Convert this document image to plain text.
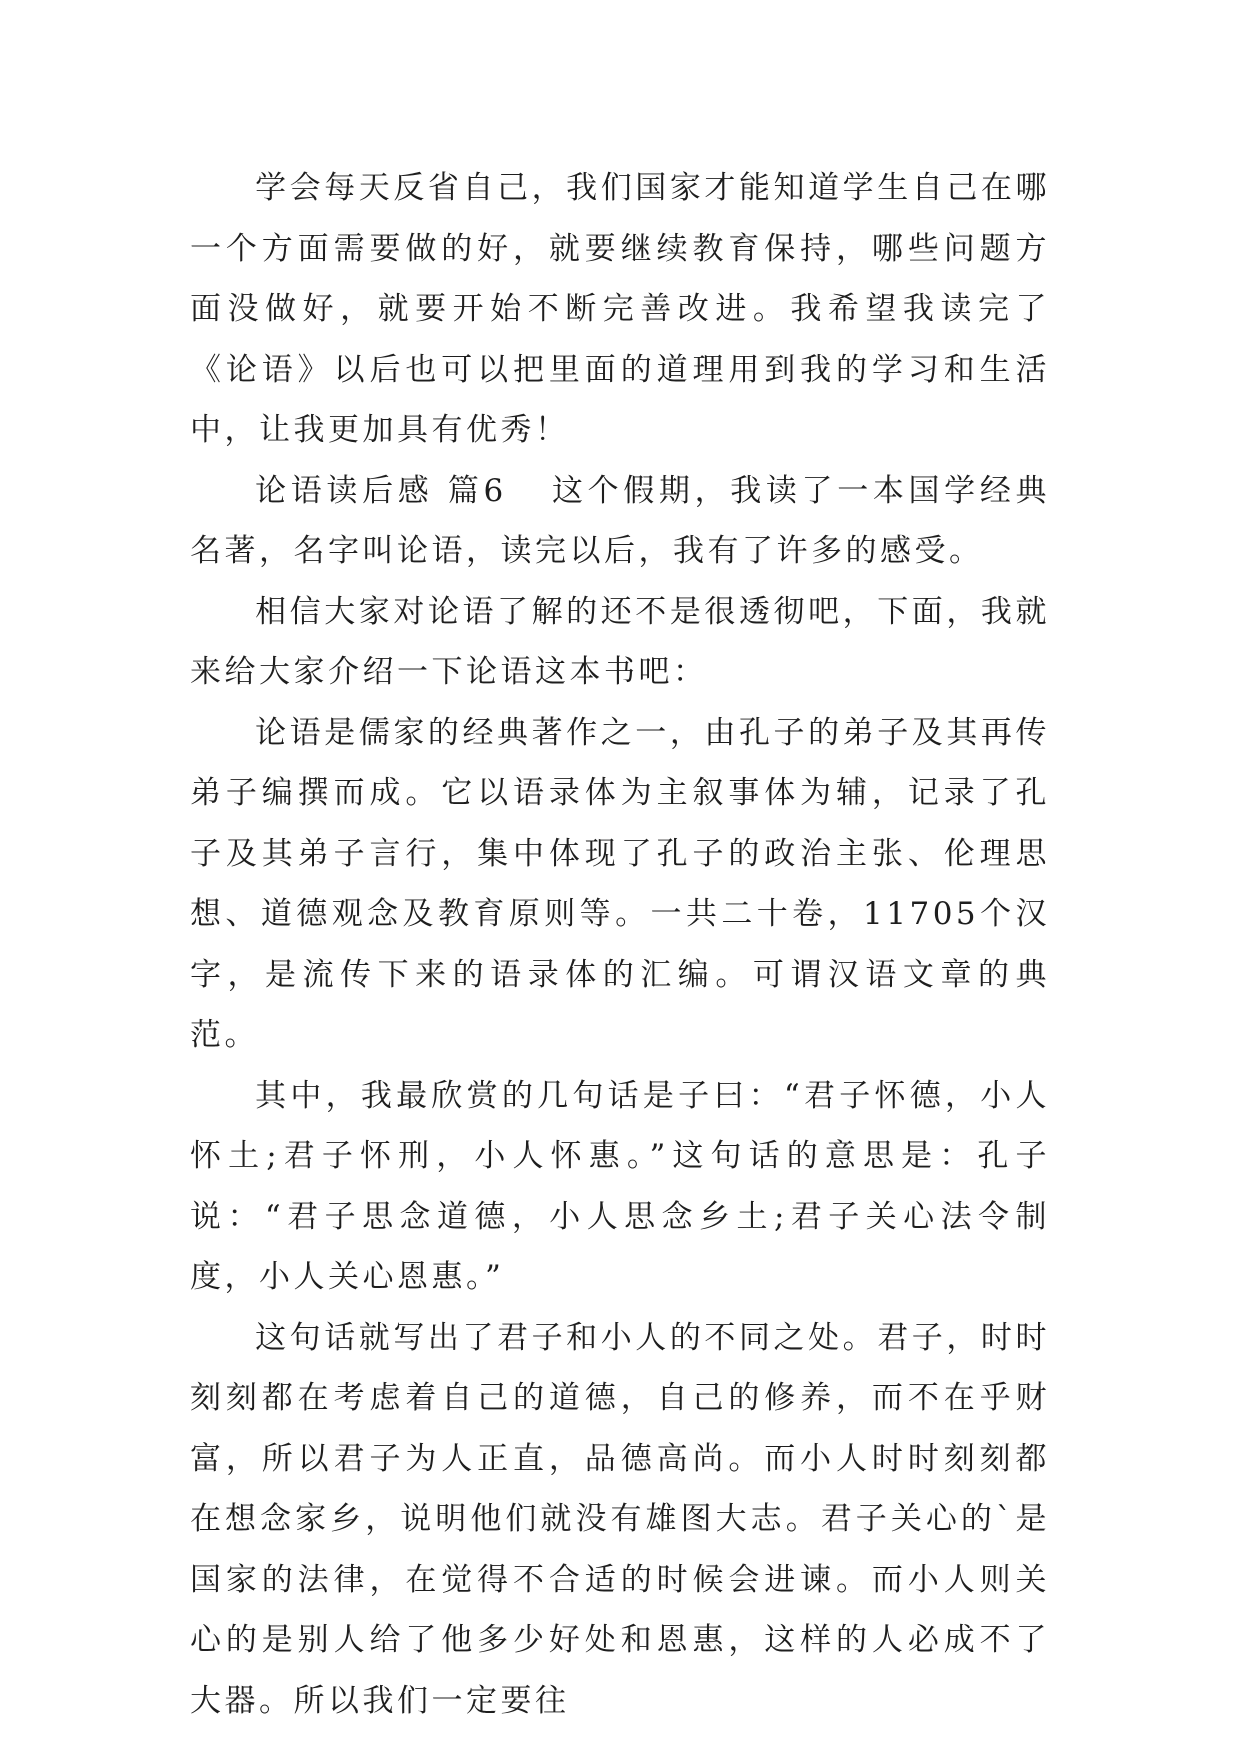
学会每天反省自己，我们国家才能知道学生自己在哪一个方面需要做的好，就要继续教育保持，哪些问题方面没做好，就要开始不断完善改进。我希望我读完了《论语》以后也可以把里面的道理用到我的学习和生活中，让我更加具有优秀！

论语读后感 篇6 这个假期，我读了一本国学经典名著，名字叫论语，读完以后，我有了许多的感受。

相信大家对论语了解的还不是很透彻吧，下面，我就来给大家介绍一下论语这本书吧：

论语是儒家的经典著作之一，由孔子的弟子及其再传弟子编撰而成。它以语录体为主叙事体为辅，记录了孔子及其弟子言行，集中体现了孔子的政治主张、伦理思想、道德观念及教育原则等。一共二十卷，11705个汉字，是流传下来的语录体的汇编。可谓汉语文章的典范。

其中，我最欣赏的几句话是子曰：“君子怀德，小人怀土;君子怀刑，小人怀惠。”这句话的意思是：孔子说：“君子思念道德，小人思念乡土;君子关心法令制度，小人关心恩惠。”

这句话就写出了君子和小人的不同之处。君子，时时刻刻都在考虑着自己的道德，自己的修养，而不在乎财富，所以君子为人正直，品德高尚。而小人时时刻刻都在想念家乡，说明他们就没有雄图大志。君子关心的`是国家的法律，在觉得不合适的时候会进谏。而小人则关心的是别人给了他多少好处和恩惠，这样的人必成不了大器。所以我们一定要往
